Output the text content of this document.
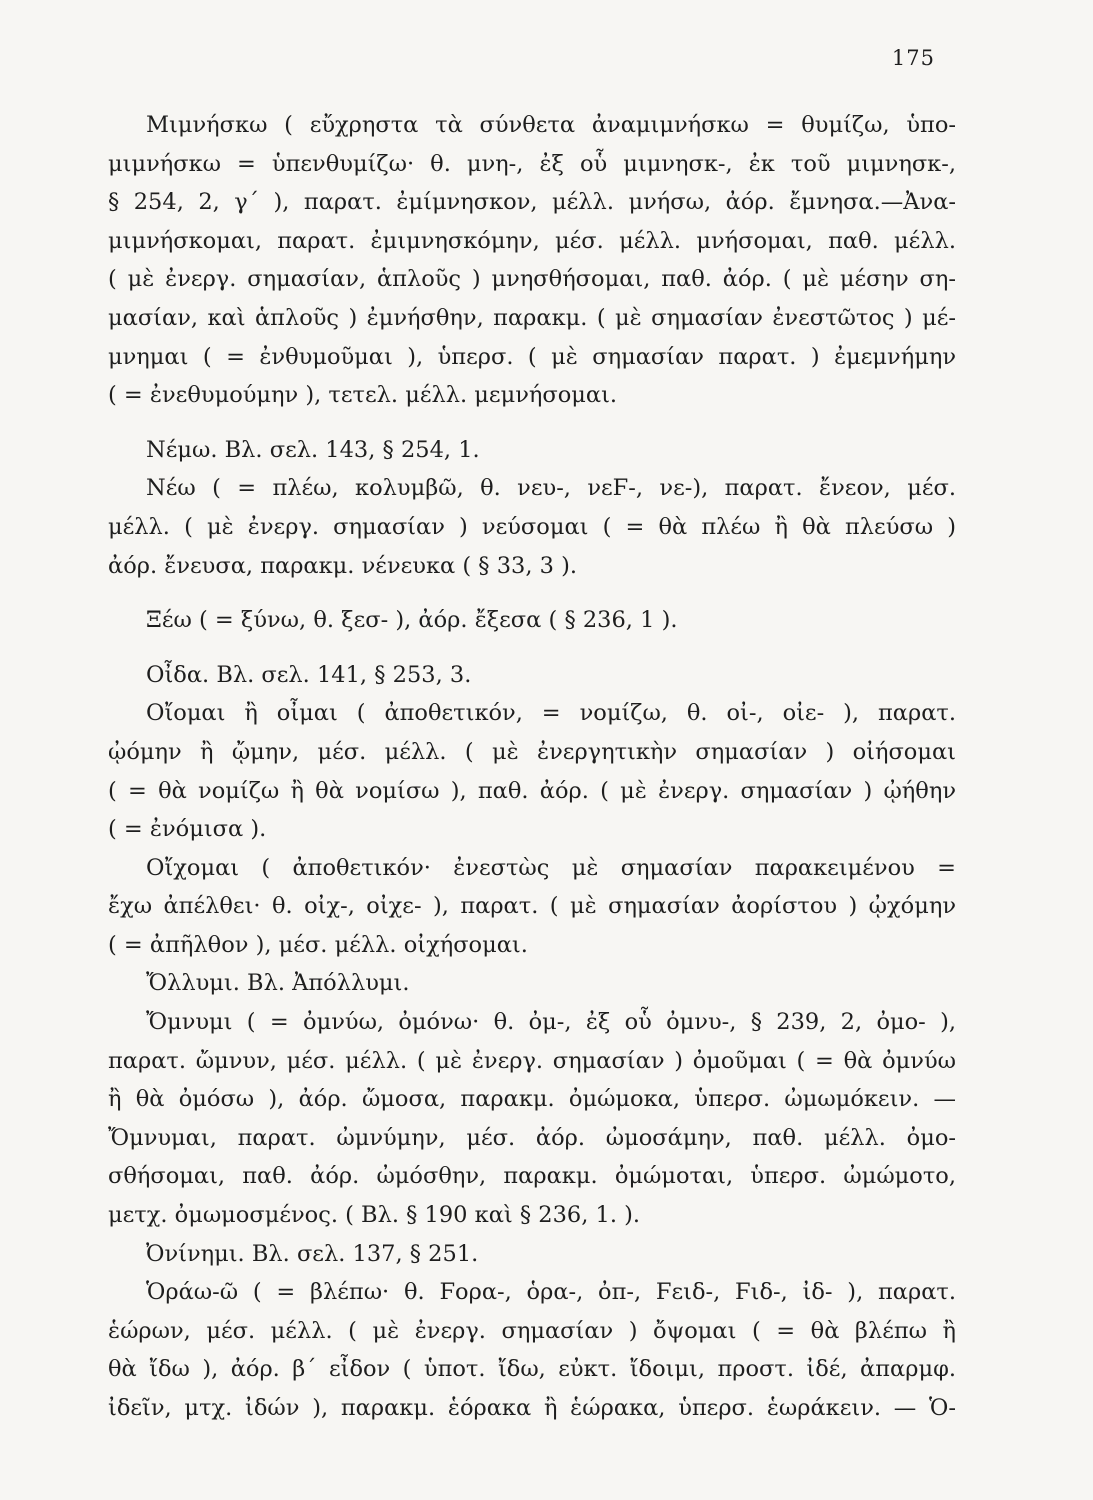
175
Μιμνήσκω ( εὔχρηστα τὰ σύνθετα ἀναμιμνήσκω = θυμίζω, ὑπο-
μιμνήσκω = ὑπενθυμίζω· θ. μνη-, ἐξ οὗ μιμνησκ-, ἐκ τοῦ μιμνησκ-,
§ 254, 2, γ΄ ), παρατ. ἐμίμνησκον, μέλλ. μνήσω, ἀόρ. ἔμνησα.—Ἀνα-
μιμνήσκομαι, παρατ. ἐμιμνησκόμην, μέσ. μέλλ. μνήσομαι, παθ. μέλλ.
( μὲ ἐνεργ. σημασίαν, ἁπλοῦς ) μνησθήσομαι, παθ. ἀόρ. ( μὲ μέσην ση-
μασίαν, καὶ ἁπλοῦς ) ἐμνήσθην, παρακμ. ( μὲ σημασίαν ἐνεστῶτος ) μέ-
μνημαι ( = ἐνθυμοῦμαι ), ὑπερσ. ( μὲ σημασίαν παρατ. ) ἐμεμνήμην
( = ἐνεθυμούμην ), τετελ. μέλλ. μεμνήσομαι.
Νέμω. Βλ. σελ. 143, § 254, 1.
Νέω ( = πλέω, κολυμβῶ, θ. νευ-, νεϜ-, νε-), παρατ. ἔνεον, μέσ.
μέλλ. ( μὲ ἐνεργ. σημασίαν ) νεύσομαι ( = θὰ πλέω ἢ θὰ πλεύσω )
ἀόρ. ἔνευσα, παρακμ. νένευκα ( § 33, 3 ).
Ξέω ( = ξύνω, θ. ξεσ- ), ἀόρ. ἔξεσα ( § 236, 1 ).
Οἶδα. Βλ. σελ. 141, § 253, 3.
Οἴομαι ἢ οἶμαι ( ἀποθετικόν, = νομίζω, θ. οἰ-, οἰε- ), παρατ.
ᾠόμην ἢ ᾤμην, μέσ. μέλλ. ( μὲ ἐνεργητικὴν σημασίαν ) οἰήσομαι
( = θὰ νομίζω ἢ θὰ νομίσω ), παθ. ἀόρ. ( μὲ ἐνεργ. σημασίαν ) ᾠήθην
( = ἐνόμισα ).
Οἴχομαι ( ἀποθετικόν· ἐνεστὼς μὲ σημασίαν παρακειμένου =
ἔχω ἀπέλθει· θ. οἰχ-, οἰχε- ), παρατ. ( μὲ σημασίαν ἀορίστου ) ᾠχόμην
( = ἀπῆλθον ), μέσ. μέλλ. οἰχήσομαι.
Ὄλλυμι. Βλ. Ἀπόλλυμι.
Ὄμνυμι ( = ὀμνύω, ὀμόνω· θ. ὀμ-, ἐξ οὗ ὀμνυ-, § 239, 2, ὀμο- ),
παρατ. ὤμνυν, μέσ. μέλλ. ( μὲ ἐνεργ. σημασίαν ) ὀμοῦμαι ( = θὰ ὀμνύω
ἢ θὰ ὀμόσω ), ἀόρ. ὤμοσα, παρακμ. ὀμώμοκα, ὑπερσ. ὠμωμόκειν. —
Ὄμνυμαι, παρατ. ὠμνύμην, μέσ. ἀόρ. ὠμοσάμην, παθ. μέλλ. ὀμο-
σθήσομαι, παθ. ἀόρ. ὠμόσθην, παρακμ. ὀμώμοται, ὑπερσ. ὠμώμοτο,
μετχ. ὀμωμοσμένος. ( Βλ. § 190 καὶ § 236, 1. ).
Ὀνίνημι. Βλ. σελ. 137, § 251.
Ὁράω-ῶ ( = βλέπω· θ. Ϝορα-, ὁρα-, ὀπ-, Ϝειδ-, Ϝιδ-, ἰδ- ), παρατ.
ἑώρων, μέσ. μέλλ. ( μὲ ἐνεργ. σημασίαν ) ὄψομαι ( = θὰ βλέπω ἢ
θὰ ἴδω ), ἀόρ. β΄ εἶδον ( ὑποτ. ἴδω, εὐκτ. ἴδοιμι, προστ. ἰδέ, ἀπαρμφ.
ἰδεῖν, μτχ. ἰδών ), παρακμ. ἑόρακα ἢ ἑώρακα, ὑπερσ. ἑωράκειν. — Ὁ-
